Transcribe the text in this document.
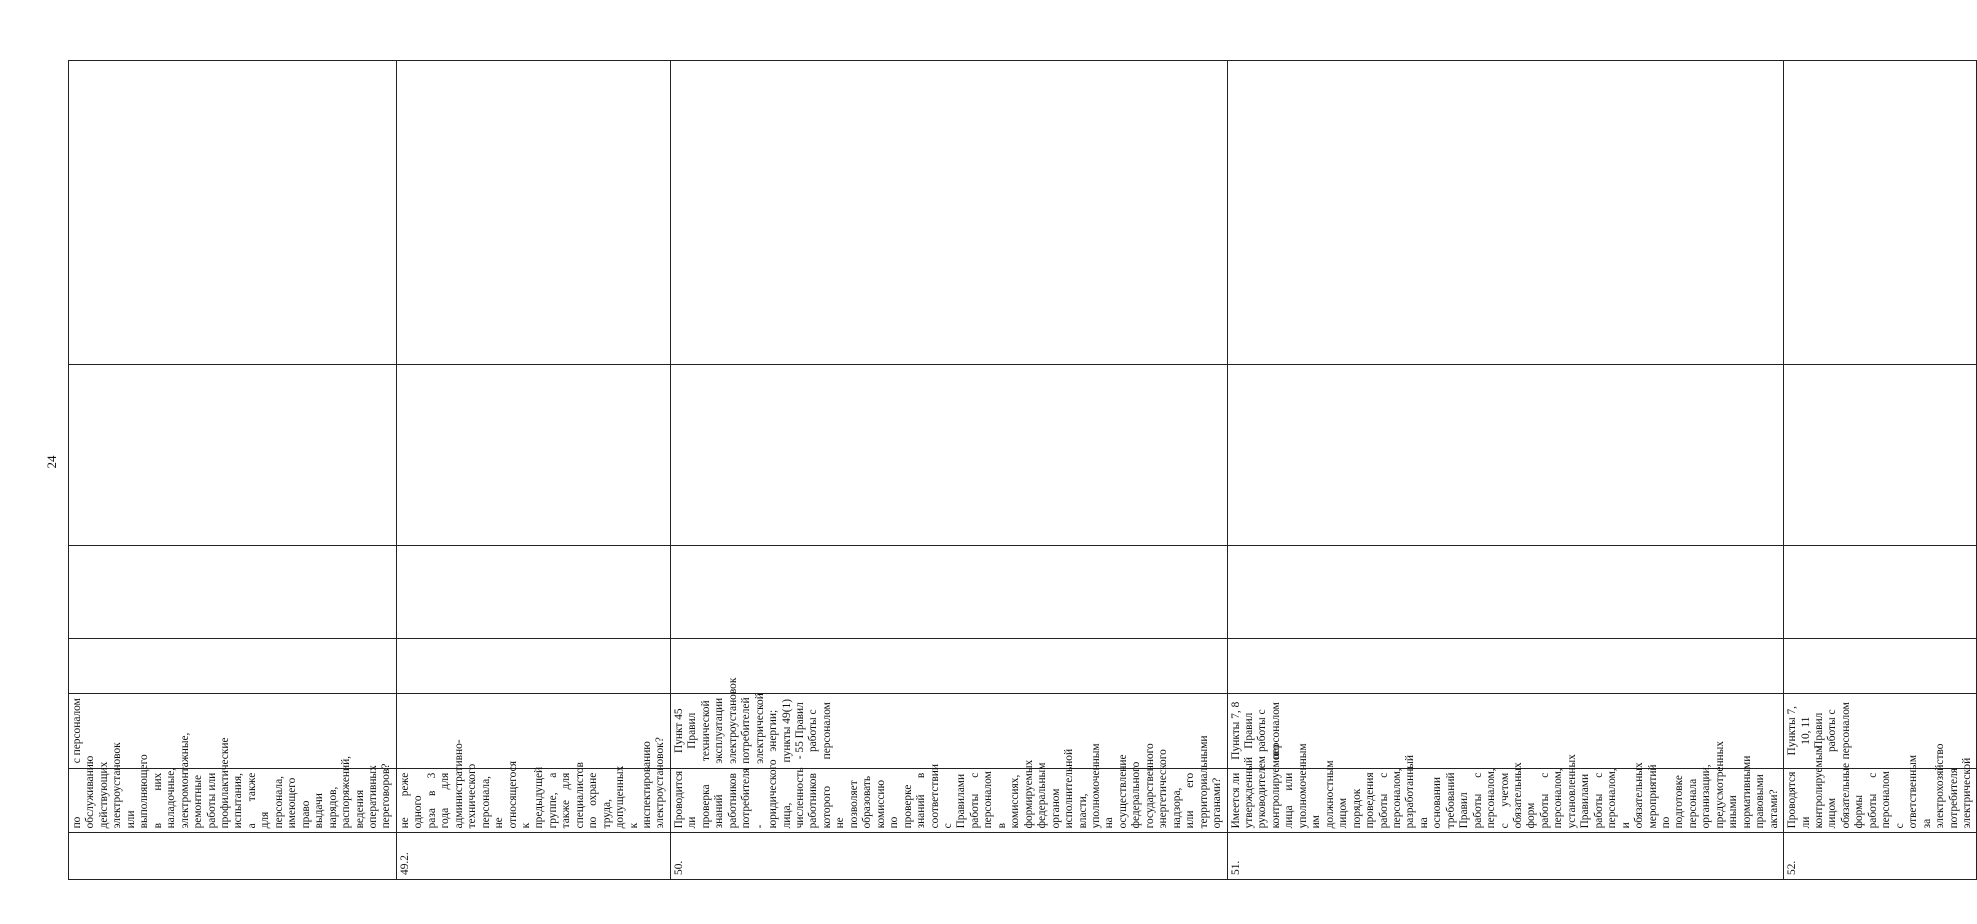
24
	по обслуживанию действующих электроустановок или выполняющего в них наладочные, электромонтажные, ремонтные работы или профилактические испытания, а также для персонала, имеющего право выдачи нарядов, распоряжений, ведения оперативных переговоров?	с персоналом				

49.2.	не реже одного раза в 3 года для административно-технического персонала, не относящегося к предыдущей группе, а также для специалистов по охране труда, допущенных к инспектированию электроустановок?					
50.	Проводится ли проверка знаний работников потребителя - юридического лица, численность работников которого не позволяет образовать комиссию по проверке знаний в соответствии с Правилами работы с персоналом в комиссиях, формируемых федеральным органом исполнительной власти, уполномоченным на осуществление федерального государственного энергетического надзора, или его территориальными органами?	Пункт 45 Правил технической эксплуатации электроустановок потребителей электрической энергии; пункты 49(1) - 55 Правил работы с персоналом				

51.	Имеется ли утвержденный руководителем контролируемого лица или уполномоченным им должностным лицом порядок проведения работы с персоналом, разработанный на основании требований Правил работы с персоналом, с учетом обязательных форм работы с персоналом, установленных Правилами работы с персоналом, и обязательных мероприятий по подготовке персонала организации, предусмотренных иными нормативными правовыми актами?	Пункты 7, 8 Правил работы с персоналом				

52.	Проводятся ли контролируемым лицом обязательные формы работы с персоналом с ответственным за электрохозяйство потребителя электрической	Пункты 7, 10, 11 Правил работы с персоналом				
